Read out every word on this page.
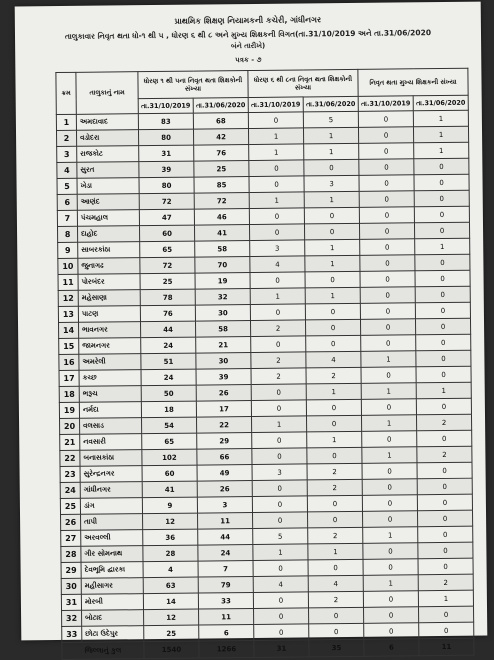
પ્રાથમિક શિક્ષણ નિયામકની કચેરી, ગાંધીનગર
તાલુકાવાર નિવૃત થતા ધો-૧ થી ૫ , ધોરણ ૬ થી ૮ અને મુખ્ય શિક્ષકની વિગત(તા.31/10/2019 અને તા.31/06/2020
બંને તારીખે)
પત્રક - ૭
ક્રમ	તાલુકાનું નામ	ધોરણ ૧ થી ૫ના નિવૃત થતા શિક્ષકોની સંખ્યા		ધોરણ ૬ થી ૮ના નિવૃત થતા શિક્ષકોની સંખ્યા		નિવૃત થતા મુખ્ય શિક્ષકની સંખ્યા	
		તા.31/10/2019	તા.31/06/2020	તા.31/10/2019	તા.31/06/2020	તા.31/10/2019	તા.31/06/2020
1	અમદાવાદ	83	68	0	5	0	1
2	વડોદરા	80	42	1	1	0	1
3	રાજકોટ	31	76	1	1	0	1
4	સુરત	39	25	0	0	0	0
5	ખેડા	80	85	0	3	0	0
6	આણંદ	72	72	1	1	0	0
7	પંચમહાલ	47	46	0	0	0	0
8	દાહોદ	60	41	0	0	0	0
9	સાબરકાંઠા	65	58	3	1	0	1
10	જુનાગઢ	72	70	4	1	0	0
11	પોરબંદર	25	19	0	0	0	0
12	મહેસાણા	78	32	1	1	0	0
13	પાટણ	76	30	0	0	0	0
14	ભાવનગર	44	58	2	0	0	0
15	જામનગર	24	21	0	0	0	0
16	અમરેલી	51	30	2	4	1	0
17	કચ્છ	24	39	2	2	0	0
18	ભરૂચ	50	26	0	1	1	1
19	નર્મદા	18	17	0	0	0	0
20	વલસાડ	54	22	1	0	1	2
21	નવસારી	65	29	0	1	0	0
22	બનાસકાંઠા	102	66	0	0	1	2
23	સુરેન્દ્રનગર	60	49	3	2	0	0
24	ગાંધીનગર	41	26	0	2	0	0
25	ડાંગ	9	3	0	0	0	0
26	તાપી	12	11	0	0	0	0
27	અરવલ્લી	36	44	5	2	1	0
28	ગીર સોમનાથ	28	24	1	1	0	0
29	દેવભૂમિ દ્વારકા	4	7	0	0	0	0
30	મહીસાગર	63	79	4	4	1	2
31	મોરબી	14	33	0	2	0	1
32	બોટાદ	12	11	0	0	0	0
33	છોટા ઉદેપુર	25	6	0	0	0	0
જિલ્લાનું કુલ		1540	1266	31	35	6	11
